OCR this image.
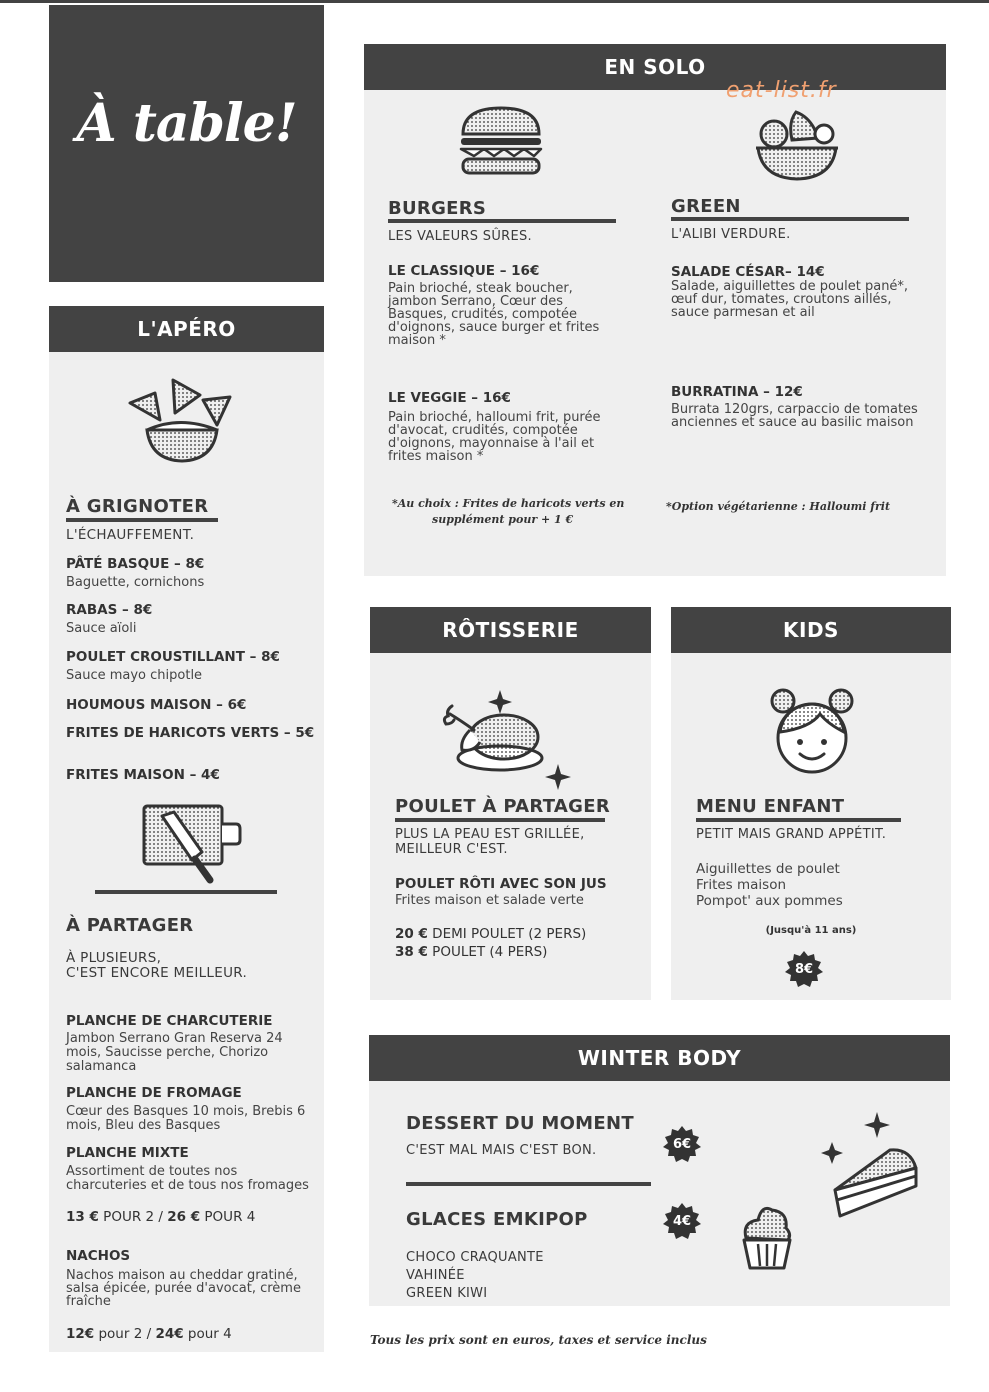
À table!
L'APÉRO
À GRIGNOTER
L'ÉCHAUFFEMENT.
PÂTÉ BASQUE – 8€
Baguette, cornichons
RABAS – 8€
Sauce aïoli
POULET CROUSTILLANT – 8€
Sauce mayo chipotle
HOUMOUS MAISON – 6€
FRITES DE HARICOTS VERTS – 5€
FRITES MAISON – 4€
À PARTAGER
À PLUSIEURS,
C'EST ENCORE MEILLEUR.
PLANCHE DE CHARCUTERIE
Jambon Serrano Gran Reserva 24
mois, Saucisse perche, Chorizo
salamanca
PLANCHE DE FROMAGE
Cœur des Basques 10 mois, Brebis 6
mois, Bleu des Basques
PLANCHE MIXTE
Assortiment de toutes nos
charcuteries et de tous nos fromages
13 € POUR 2 / 26 € POUR 4
NACHOS
Nachos maison au cheddar gratiné,
salsa épicée, purée d'avocat, crème
fraîche
12€ pour 2 / 24€ pour 4
EN SOLO
eat-list.fr
BURGERS
LES VALEURS SÛRES.
LE CLASSIQUE – 16€
Pain brioché, steak boucher,
jambon Serrano, Cœur des
Basques, crudités, compotée
d'oignons, sauce burger et frites
maison *
LE VEGGIE – 16€
Pain brioché, halloumi frit, purée
d'avocat, crudités, compotée
d'oignons, mayonnaise à l'ail et
frites maison *
*Au choix : Frites de haricots verts en
supplément pour + 1 €
GREEN
L'ALIBI VERDURE.
SALADE CÉSAR– 14€
Salade, aiguillettes de poulet pané*,
œuf dur, tomates, croutons aillés,
sauce parmesan et ail
BURRATINA – 12€
Burrata 120grs, carpaccio de tomates
anciennes et sauce au basilic maison
*Option végétarienne : Halloumi frit
RÔTISSERIE
POULET À PARTAGER
PLUS LA PEAU EST GRILLÉE,
MEILLEUR C'EST.
POULET RÔTI AVEC SON JUS
Frites maison et salade verte
20 € DEMI POULET (2 PERS)
38 € POULET (4 PERS)
KIDS
MENU ENFANT
PETIT MAIS GRAND APPÉTIT.
Aiguillettes de poulet
Frites maison
Pompot' aux pommes
(Jusqu'à 11 ans)
8€
WINTER BODY
DESSERT DU MOMENT
C'EST MAL MAIS C'EST BON.	6€
GLACES EMKIPOP	4€
CHOCO CRAQUANTE
VAHINÉE
GREEN KIWI
Tous les prix sont en euros, taxes et service inclus
